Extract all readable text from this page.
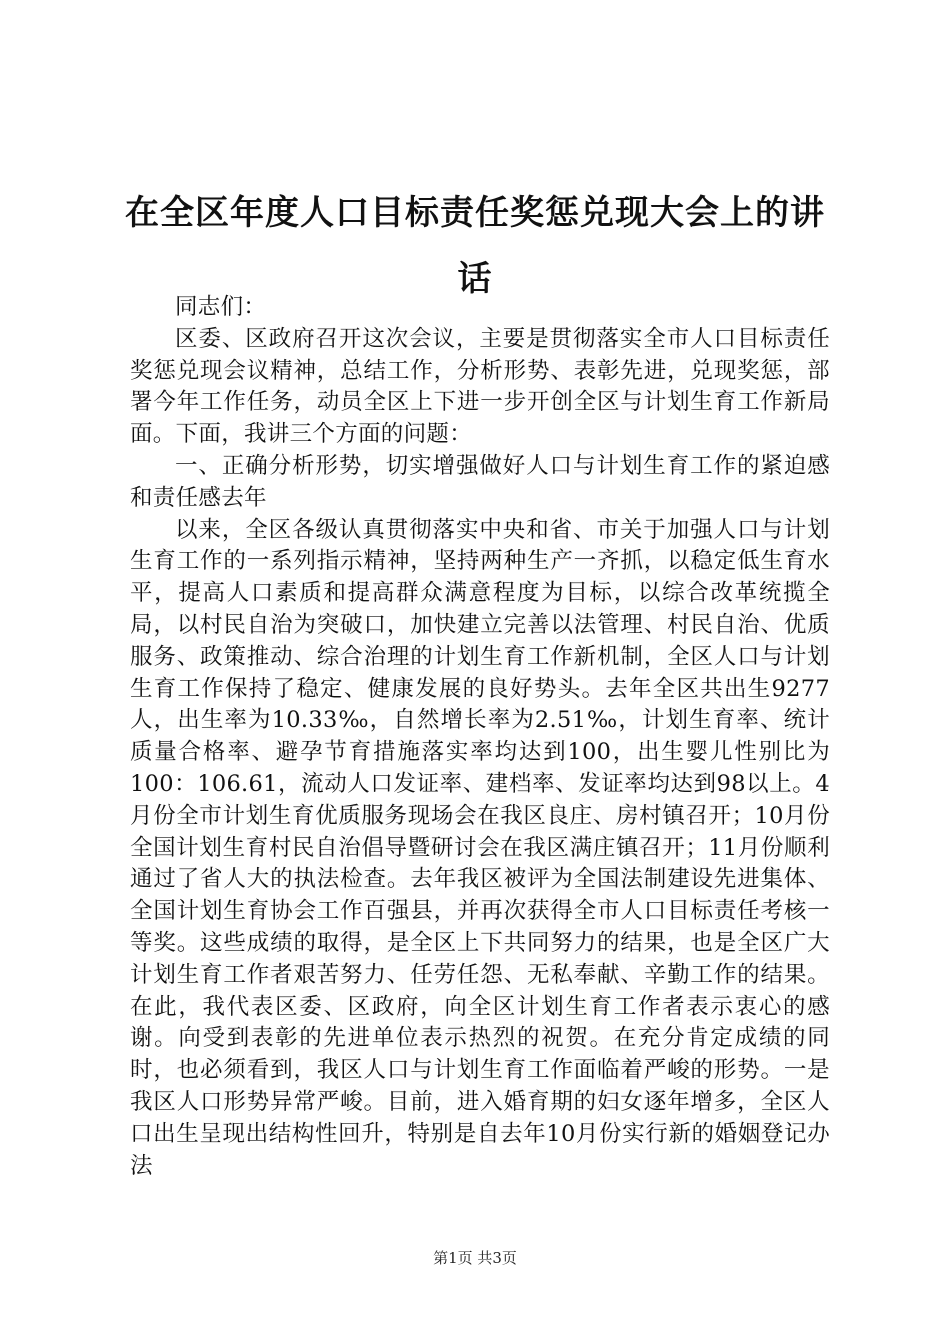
在全区年度人口目标责任奖惩兑现大会上的讲话

同志们：

区委、区政府召开这次会议，主要是贯彻落实全市人口目标责任奖惩兑现会议精神，总结工作，分析形势、表彰先进，兑现奖惩，部署今年工作任务，动员全区上下进一步开创全区与计划生育工作新局面。下面，我讲三个方面的问题：

一、正确分析形势，切实增强做好人口与计划生育工作的紧迫感和责任感去年

以来，全区各级认真贯彻落实中央和省、市关于加强人口与计划生育工作的一系列指示精神，坚持两种生产一齐抓，以稳定低生育水平，提高人口素质和提高群众满意程度为目标，以综合改革统揽全局，以村民自治为突破口，加快建立完善以法管理、村民自治、优质服务、政策推动、综合治理的计划生育工作新机制，全区人口与计划生育工作保持了稳定、健康发展的良好势头。去年全区共出生9277人，出生率为10.33‰，自然增长率为2.51‰，计划生育率、统计质量合格率、避孕节育措施落实率均达到100，出生婴儿性别比为100：106.61，流动人口发证率、建档率、发证率均达到98以上。4月份全市计划生育优质服务现场会在我区良庄、房村镇召开；10月份全国计划生育村民自治倡导暨研讨会在我区满庄镇召开；11月份顺利通过了省人大的执法检查。去年我区被评为全国法制建设先进集体、全国计划生育协会工作百强县，并再次获得全市人口目标责任考核一等奖。这些成绩的取得，是全区上下共同努力的结果，也是全区广大计划生育工作者艰苦努力、任劳任怨、无私奉献、辛勤工作的结果。在此，我代表区委、区政府，向全区计划生育工作者表示衷心的感谢。向受到表彰的先进单位表示热烈的祝贺。在充分肯定成绩的同时，也必须看到，我区人口与计划生育工作面临着严峻的形势。一是我区人口形势异常严峻。目前，进入婚育期的妇女逐年增多，全区人口出生呈现出结构性回升，特别是自去年10月份实行新的婚姻登记办法

第1页 共3页
